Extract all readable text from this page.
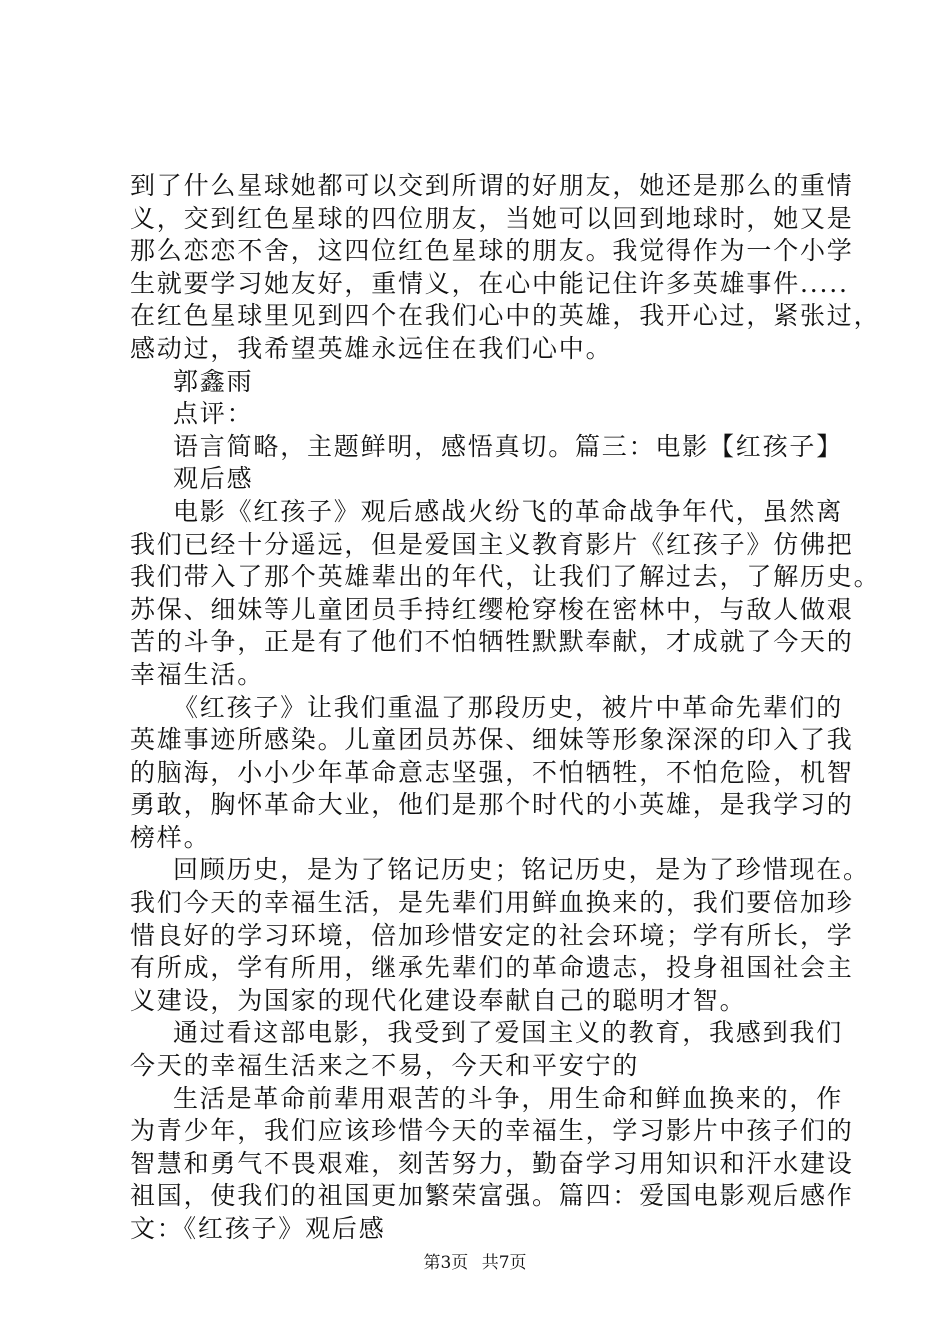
到了什么星球她都可以交到所谓的好朋友，她还是那么的重情
义，交到红色星球的四位朋友，当她可以回到地球时，她又是
那么恋恋不舍，这四位红色星球的朋友。我觉得作为一个小学
生就要学习她友好，重情义，在心中能记住许多英雄事件.....
在红色星球里见到四个在我们心中的英雄，我开心过，紧张过，
感动过，我希望英雄永远住在我们心中。
郭鑫雨
点评：
语言简略，主题鲜明，感悟真切。篇三：电影【红孩子】
观后感
电影《红孩子》观后感战火纷飞的革命战争年代，虽然离
我们已经十分遥远，但是爱国主义教育影片《红孩子》仿佛把
我们带入了那个英雄辈出的年代，让我们了解过去，了解历史。
苏保、细妹等儿童团员手持红缨枪穿梭在密林中，与敌人做艰
苦的斗争，正是有了他们不怕牺牲默默奉献，才成就了今天的
幸福生活。
《红孩子》让我们重温了那段历史，被片中革命先辈们的
英雄事迹所感染。儿童团员苏保、细妹等形象深深的印入了我
的脑海，小小少年革命意志坚强，不怕牺牲，不怕危险，机智
勇敢，胸怀革命大业，他们是那个时代的小英雄，是我学习的
榜样。
回顾历史，是为了铭记历史；铭记历史，是为了珍惜现在。
我们今天的幸福生活，是先辈们用鲜血换来的，我们要倍加珍
惜良好的学习环境，倍加珍惜安定的社会环境；学有所长，学
有所成，学有所用，继承先辈们的革命遗志，投身祖国社会主
义建设，为国家的现代化建设奉献自己的聪明才智。
通过看这部电影，我受到了爱国主义的教育，我感到我们
今天的幸福生活来之不易，今天和平安宁的
生活是革命前辈用艰苦的斗争，用生命和鲜血换来的，作
为青少年，我们应该珍惜今天的幸福生，学习影片中孩子们的
智慧和勇气不畏艰难，刻苦努力，勤奋学习用知识和汗水建设
祖国，使我们的祖国更加繁荣富强。篇四：爱国电影观后感作
文：《红孩子》观后感
第3页 共7页
